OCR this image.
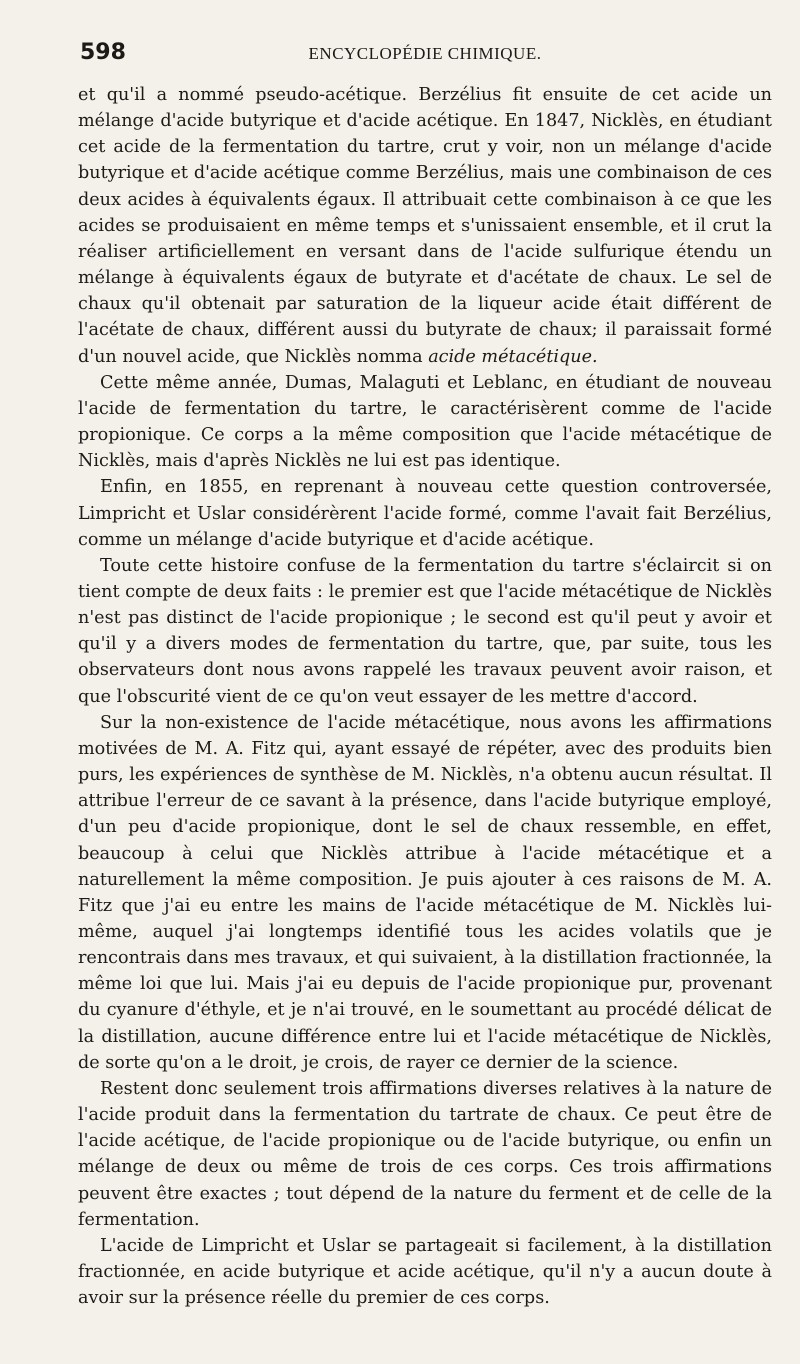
598	ENCYCLOPÉDIE CHIMIQUE.

et qu'il a nommé pseudo-acétique. Berzélius fit ensuite de cet acide un mélange d'acide butyrique et d'acide acétique. En 1847, Nicklès, en étudiant cet acide de la fermentation du tartre, crut y voir, non un mélange d'acide butyrique et d'acide acétique comme Berzélius, mais une combinaison de ces deux acides à équivalents égaux. Il attribuait cette combinaison à ce que les acides se produisaient en même temps et s'unissaient ensemble, et il crut la réaliser artificiellement en versant dans de l'acide sulfurique étendu un mélange à équivalents égaux de butyrate et d'acétate de chaux. Le sel de chaux qu'il obtenait par saturation de la liqueur acide était différent de l'acétate de chaux, différent aussi du butyrate de chaux; il paraissait formé d'un nouvel acide, que Nicklès nomma acide métacétique.

Cette même année, Dumas, Malaguti et Leblanc, en étudiant de nouveau l'acide de fermentation du tartre, le caractérisèrent comme de l'acide propionique. Ce corps a la même composition que l'acide métacétique de Nicklès, mais d'après Nicklès ne lui est pas identique.

Enfin, en 1855, en reprenant à nouveau cette question controversée, Limpricht et Uslar considérèrent l'acide formé, comme l'avait fait Berzélius, comme un mélange d'acide butyrique et d'acide acétique.

Toute cette histoire confuse de la fermentation du tartre s'éclaircit si on tient compte de deux faits : le premier est que l'acide métacétique de Nicklès n'est pas distinct de l'acide propionique ; le second est qu'il peut y avoir et qu'il y a divers modes de fermentation du tartre, que, par suite, tous les observateurs dont nous avons rappelé les travaux peuvent avoir raison, et que l'obscurité vient de ce qu'on veut essayer de les mettre d'accord.

Sur la non-existence de l'acide métacétique, nous avons les affirmations motivées de M. A. Fitz qui, ayant essayé de répéter, avec des produits bien purs, les expériences de synthèse de M. Nicklès, n'a obtenu aucun résultat. Il attribue l'erreur de ce savant à la présence, dans l'acide butyrique employé, d'un peu d'acide propionique, dont le sel de chaux ressemble, en effet, beaucoup à celui que Nicklès attribue à l'acide métacétique et a naturellement la même composition. Je puis ajouter à ces raisons de M. A. Fitz que j'ai eu entre les mains de l'acide métacétique de M. Nicklès lui-même, auquel j'ai longtemps identifié tous les acides volatils que je rencontrais dans mes travaux, et qui suivaient, à la distillation fractionnée, la même loi que lui. Mais j'ai eu depuis de l'acide propionique pur, provenant du cyanure d'éthyle, et je n'ai trouvé, en le soumettant au procédé délicat de la distillation, aucune différence entre lui et l'acide métacétique de Nicklès, de sorte qu'on a le droit, je crois, de rayer ce dernier de la science.

Restent donc seulement trois affirmations diverses relatives à la nature de l'acide produit dans la fermentation du tartrate de chaux. Ce peut être de l'acide acétique, de l'acide propionique ou de l'acide butyrique, ou enfin un mélange de deux ou même de trois de ces corps. Ces trois affirmations peuvent être exactes ; tout dépend de la nature du ferment et de celle de la fermentation.

L'acide de Limpricht et Uslar se partageait si facilement, à la distillation fractionnée, en acide butyrique et acide acétique, qu'il n'y a aucun doute à avoir sur la présence réelle du premier de ces corps.
